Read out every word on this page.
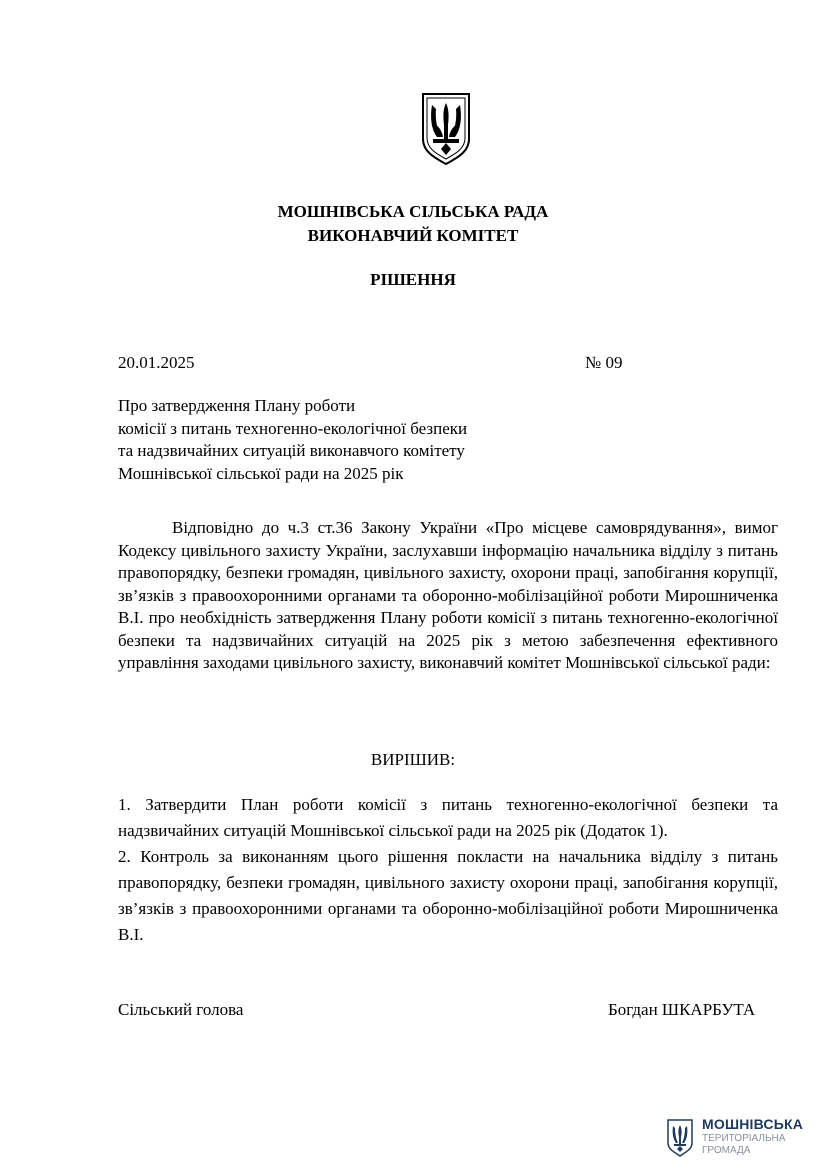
МОШНІВСЬКА СІЛЬСЬКА РАДА
ВИКОНАВЧИЙ КОМІТЕТ
РІШЕННЯ
20.01.2025	№ 09
Про затвердження Плану роботи
комісії з питань техногенно-екологічної безпеки
та надзвичайних ситуацій виконавчого комітету
Мошнівської сільської ради на 2025 рік
Відповідно до ч.3 ст.36 Закону України «Про місцеве самоврядування», вимог Кодексу цивільного захисту України, заслухавши інформацію начальника відділу з питань правопорядку, безпеки громадян, цивільного захисту, охорони праці, запобігання корупції, зв’язків з правоохоронними органами та оборонно-мобілізаційної роботи Мирошниченка В.І. про необхідність затвердження Плану роботи комісії з питань техногенно-екологічної безпеки та надзвичайних ситуацій на 2025 рік з метою забезпечення ефективного управління заходами цивільного захисту, виконавчий комітет Мошнівської сільської ради:
ВИРІШИВ:

1. Затвердити План роботи комісії з питань техногенно-екологічної безпеки та надзвичайних ситуацій Мошнівської сільської ради на 2025 рік (Додаток 1).

2. Контроль за виконанням цього рішення покласти на начальника відділу з питань правопорядку, безпеки громадян, цивільного захисту охорони праці, запобігання корупції, зв’язків з правоохоронними органами та оборонно-мобілізаційної роботи Мирошниченка В.І.

Сільський голова	Богдан ШКАРБУТА
МОШНІВСЬКА
ТЕРИТОРІАЛЬНА
ГРОМАДА
